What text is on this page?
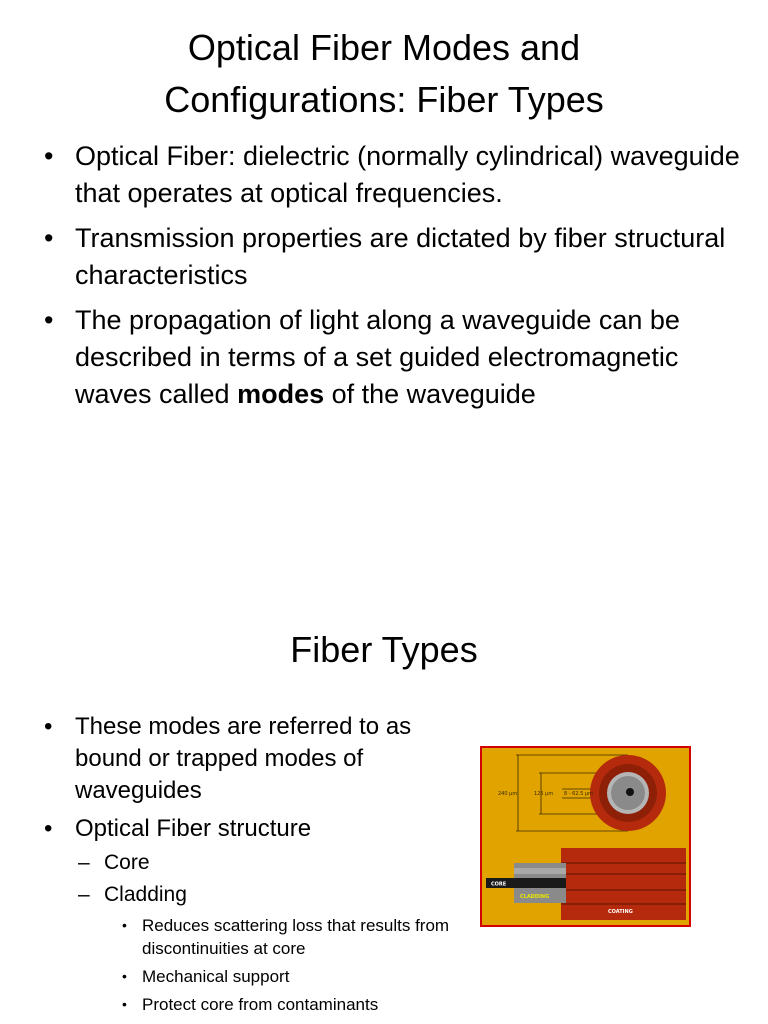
Optical Fiber Modes and
Configurations: Fiber Types
• Optical Fiber: dielectric (normally cylindrical) waveguide that operates at optical frequencies.
• Transmission properties are dictated by fiber structural characteristics
• The propagation of light along a waveguide can be described in terms of a set guided electromagnetic waves called modes of the waveguide
Fiber Types
• These modes are referred to as bound or trapped modes of waveguides
• Optical Fiber structure
– Core
– Cladding
• Reduces scattering loss that results from discontinuities at core
• Mechanical support
• Protect core from contaminants
240 µm	125 µm 8 - 62.5 µm
CORE
CLADDING
COATING
